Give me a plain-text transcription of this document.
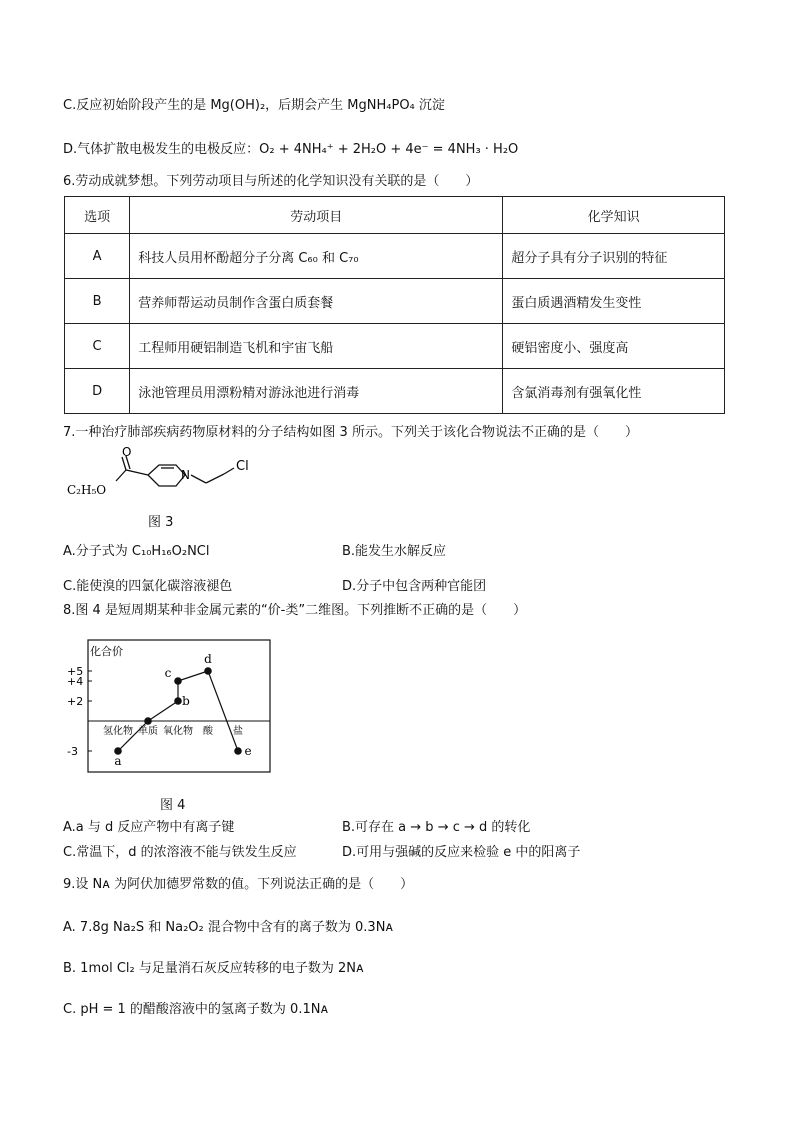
C.反应初始阶段产生的是 Mg(OH)₂，后期会产生 MgNH₄PO₄ 沉淀
D.气体扩散电极发生的电极反应：O₂ + 4NH₄⁺ + 2H₂O + 4e⁻ = 4NH₃ · H₂O
6.劳动成就梦想。下列劳动项目与所述的化学知识没有关联的是（　　）
选项	劳动项目	化学知识
A	科技人员用杯酚超分子分离 C₆₀ 和 C₇₀	超分子具有分子识别的特征
B	营养师帮运动员制作含蛋白质套餐	蛋白质遇酒精发生变性
C	工程师用硬铝制造飞机和宇宙飞船	硬铝密度小、强度高
D	泳池管理员用漂粉精对游泳池进行消毒	含氯消毒剂有强氧化性
7.一种治疗肺部疾病药物原材料的分子结构如图 3 所示。下列关于该化合物说法不正确的是（　　）
O
C₂H₅O
N
Cl
图 3
A.分子式为 C₁₀H₁₆O₂NCl	B.能发生水解反应
C.能使溴的四氯化碳溶液褪色	D.分子中包含两种官能团
8.图 4 是短周期某种非金属元素的“价-类”二维图。下列推断不正确的是（　　）
化合价
+5
+4
+2
-3
氢化物 单质 氧化物 酸 盐
a
b
c
d
e
图 4
A.a 与 d 反应产物中有离子键	B.可存在 a → b → c → d 的转化
C.常温下，d 的浓溶液不能与铁发生反应	D.可用与强碱的反应来检验 e 中的阳离子
9.设 Nᴀ 为阿伏加德罗常数的值。下列说法正确的是（　　）
A. 7.8g Na₂S 和 Na₂O₂ 混合物中含有的离子数为 0.3Nᴀ
B. 1mol Cl₂ 与足量消石灰反应转移的电子数为 2Nᴀ
C. pH = 1 的醋酸溶液中的氢离子数为 0.1Nᴀ
